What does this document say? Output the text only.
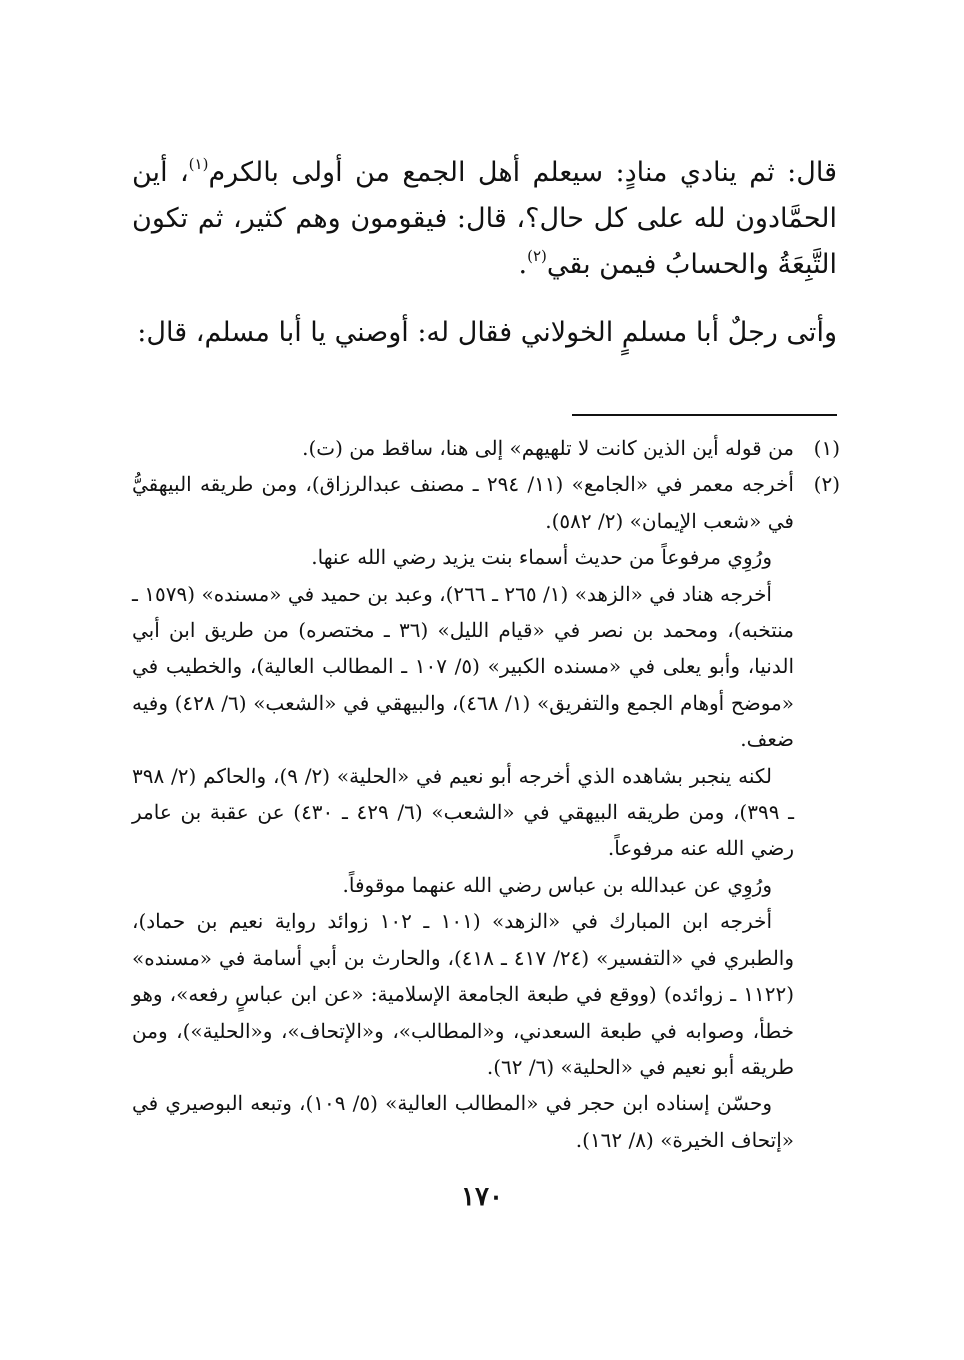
قال: ثم ينادي منادٍ: سيعلم أهل الجمع من أولى بالكرم$^{(١)}$، أين الحمَّادون لله على كل حال؟، قال: فيقومون وهم كثير، ثم تكون التَّبِعَةُ والحسابُ فيمن بقي$^{(٢)}$.

وأتى رجلٌ أبا مسلمٍ الخولاني فقال له: أوصني يا أبا مسلم، قال:

(١)

من قوله أين الذين كانت لا تلهيهم» إلى هنا، ساقط من (ت).

(٢)

أخرجه معمر في «الجامع» (١١/ ٢٩٤ ـ مصنف عبدالرزاق)، ومن طريقه البيهقيُّ في «شعب الإيمان» (٢/ ٥٨٢).

ورُوِي مرفوعاً من حديث أسماء بنت يزيد رضي الله عنها.

أخرجه هناد في «الزهد» (١/ ٢٦٥ ـ ٢٦٦)، وعبد بن حميد في «مسنده» (١٥٧٩ ـ منتخبه)، ومحمد بن نصر في «قيام الليل» (٣٦ ـ مختصره) من طريق ابن أبي الدنيا، وأبو يعلى في «مسنده الكبير» (٥/ ١٠٧ ـ المطالب العالية)، والخطيب في «موضح أوهام الجمع والتفريق» (١/ ٤٦٨)، والبيهقي في «الشعب» (٦/ ٤٢٨) وفيه ضعف.

لكنه ينجبر بشاهده الذي أخرجه أبو نعيم في «الحلية» (٢/ ٩)، والحاكم (٢/ ٣٩٨ ـ ٣٩٩)، ومن طريقه البيهقي في «الشعب» (٦/ ٤٢٩ ـ ٤٣٠) عن عقبة بن عامر رضي الله عنه مرفوعاً.

ورُوِي عن عبدالله بن عباس رضي الله عنهما موقوفاً.

أخرجه ابن المبارك في «الزهد» (١٠١ ـ ١٠٢ زوائد رواية نعيم بن حماد)، والطبري في «التفسير» (٢٤/ ٤١٧ ـ ٤١٨)، والحارث بن أبي أسامة في «مسنده» (١١٢٢ ـ زوائده) (ووقع في طبعة الجامعة الإسلامية: «عن ابن عباسٍ رفعه»، وهو خطأ، وصوابه في طبعة السعدني، و«المطالب»، و«الإتحاف»، و«الحلية»)، ومن طريقه أبو نعيم في «الحلية» (٦/ ٦٢).

وحسّن إسناده ابن حجر في «المطالب العالية» (٥/ ١٠٩)، وتبعه البوصيري في «إتحاف الخيرة» (٨/ ١٦٢).

١٧٠
